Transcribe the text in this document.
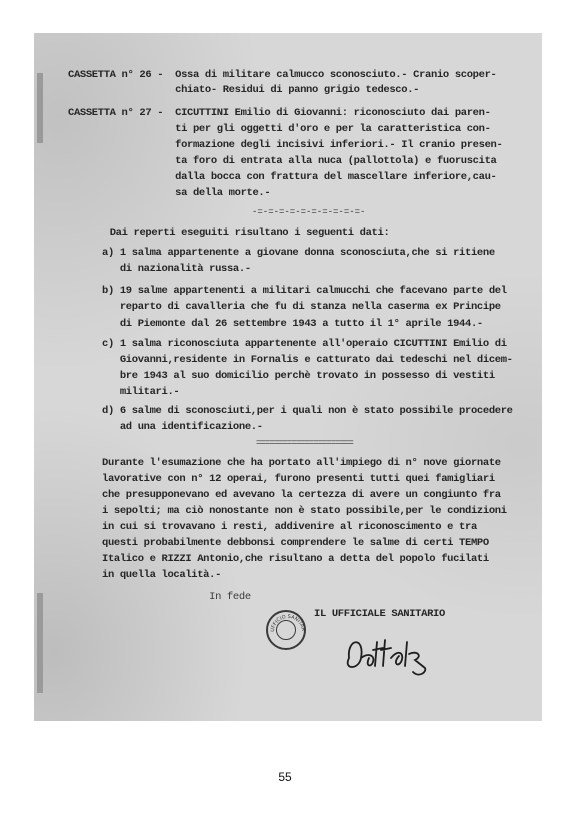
CASSETTA n° 26 -  Ossa di militare calmucco sconosciuto.- Cranio scoper-
chiato- Residui di panno grigio tedesco.-
CASSETTA n° 27 -  CICUTTINI Emilio di Giovanni: riconosciuto dai paren-
ti per gli oggetti d'oro e per la caratteristica con-
formazione degli incisivi inferiori.- Il cranio presen-
ta foro di entrata alla nuca (pallottola) e fuoruscita
dalla bocca con frattura del mascellare inferiore,cau-
sa della morte.-
-=-=-=-=-=-=-=-=-=-=-
Dai reperti eseguiti risultano i seguenti dati:
a) 1 salma appartenente a giovane donna sconosciuta,che si ritiene
di nazionalità russa.-
b) 19 salme appartenenti a militari calmucchi che facevano parte del
reparto di cavalleria che fu di stanza nella caserma ex Principe
di Piemonte dal 26 settembre 1943 a tutto il 1° aprile 1944.-
c) 1 salma riconosciuta appartenente all'operaio CICUTTINI Emilio di
Giovanni,residente in Fornalis e catturato dai tedeschi nel dicem-
bre 1943 al suo domicilio perchè trovato in possesso di vestiti
militari.-
d) 6 salme di sconosciuti,per i quali non è stato possibile procedere
ad una identificazione.-
======================
Durante l'esumazione che ha portato all'impiego di n° nove giornate
lavorative con n° 12 operai, furono presenti tutti quei famigliari
che presupponevano ed avevano la certezza di avere un congiunto fra
i sepolti; ma ciò nonostante non è stato possibile,per le condizioni
in cui si trovavano i resti, addivenire al riconoscimento e tra
questi probabilmente debbonsi comprendere le salme di certi TEMPO
Italico e RIZZI Antonio,che risultano a detta del popolo fucilati
in quella località.-
In fede
IL UFFICIALE SANITARIO
UFFICIO SANITAR
55
